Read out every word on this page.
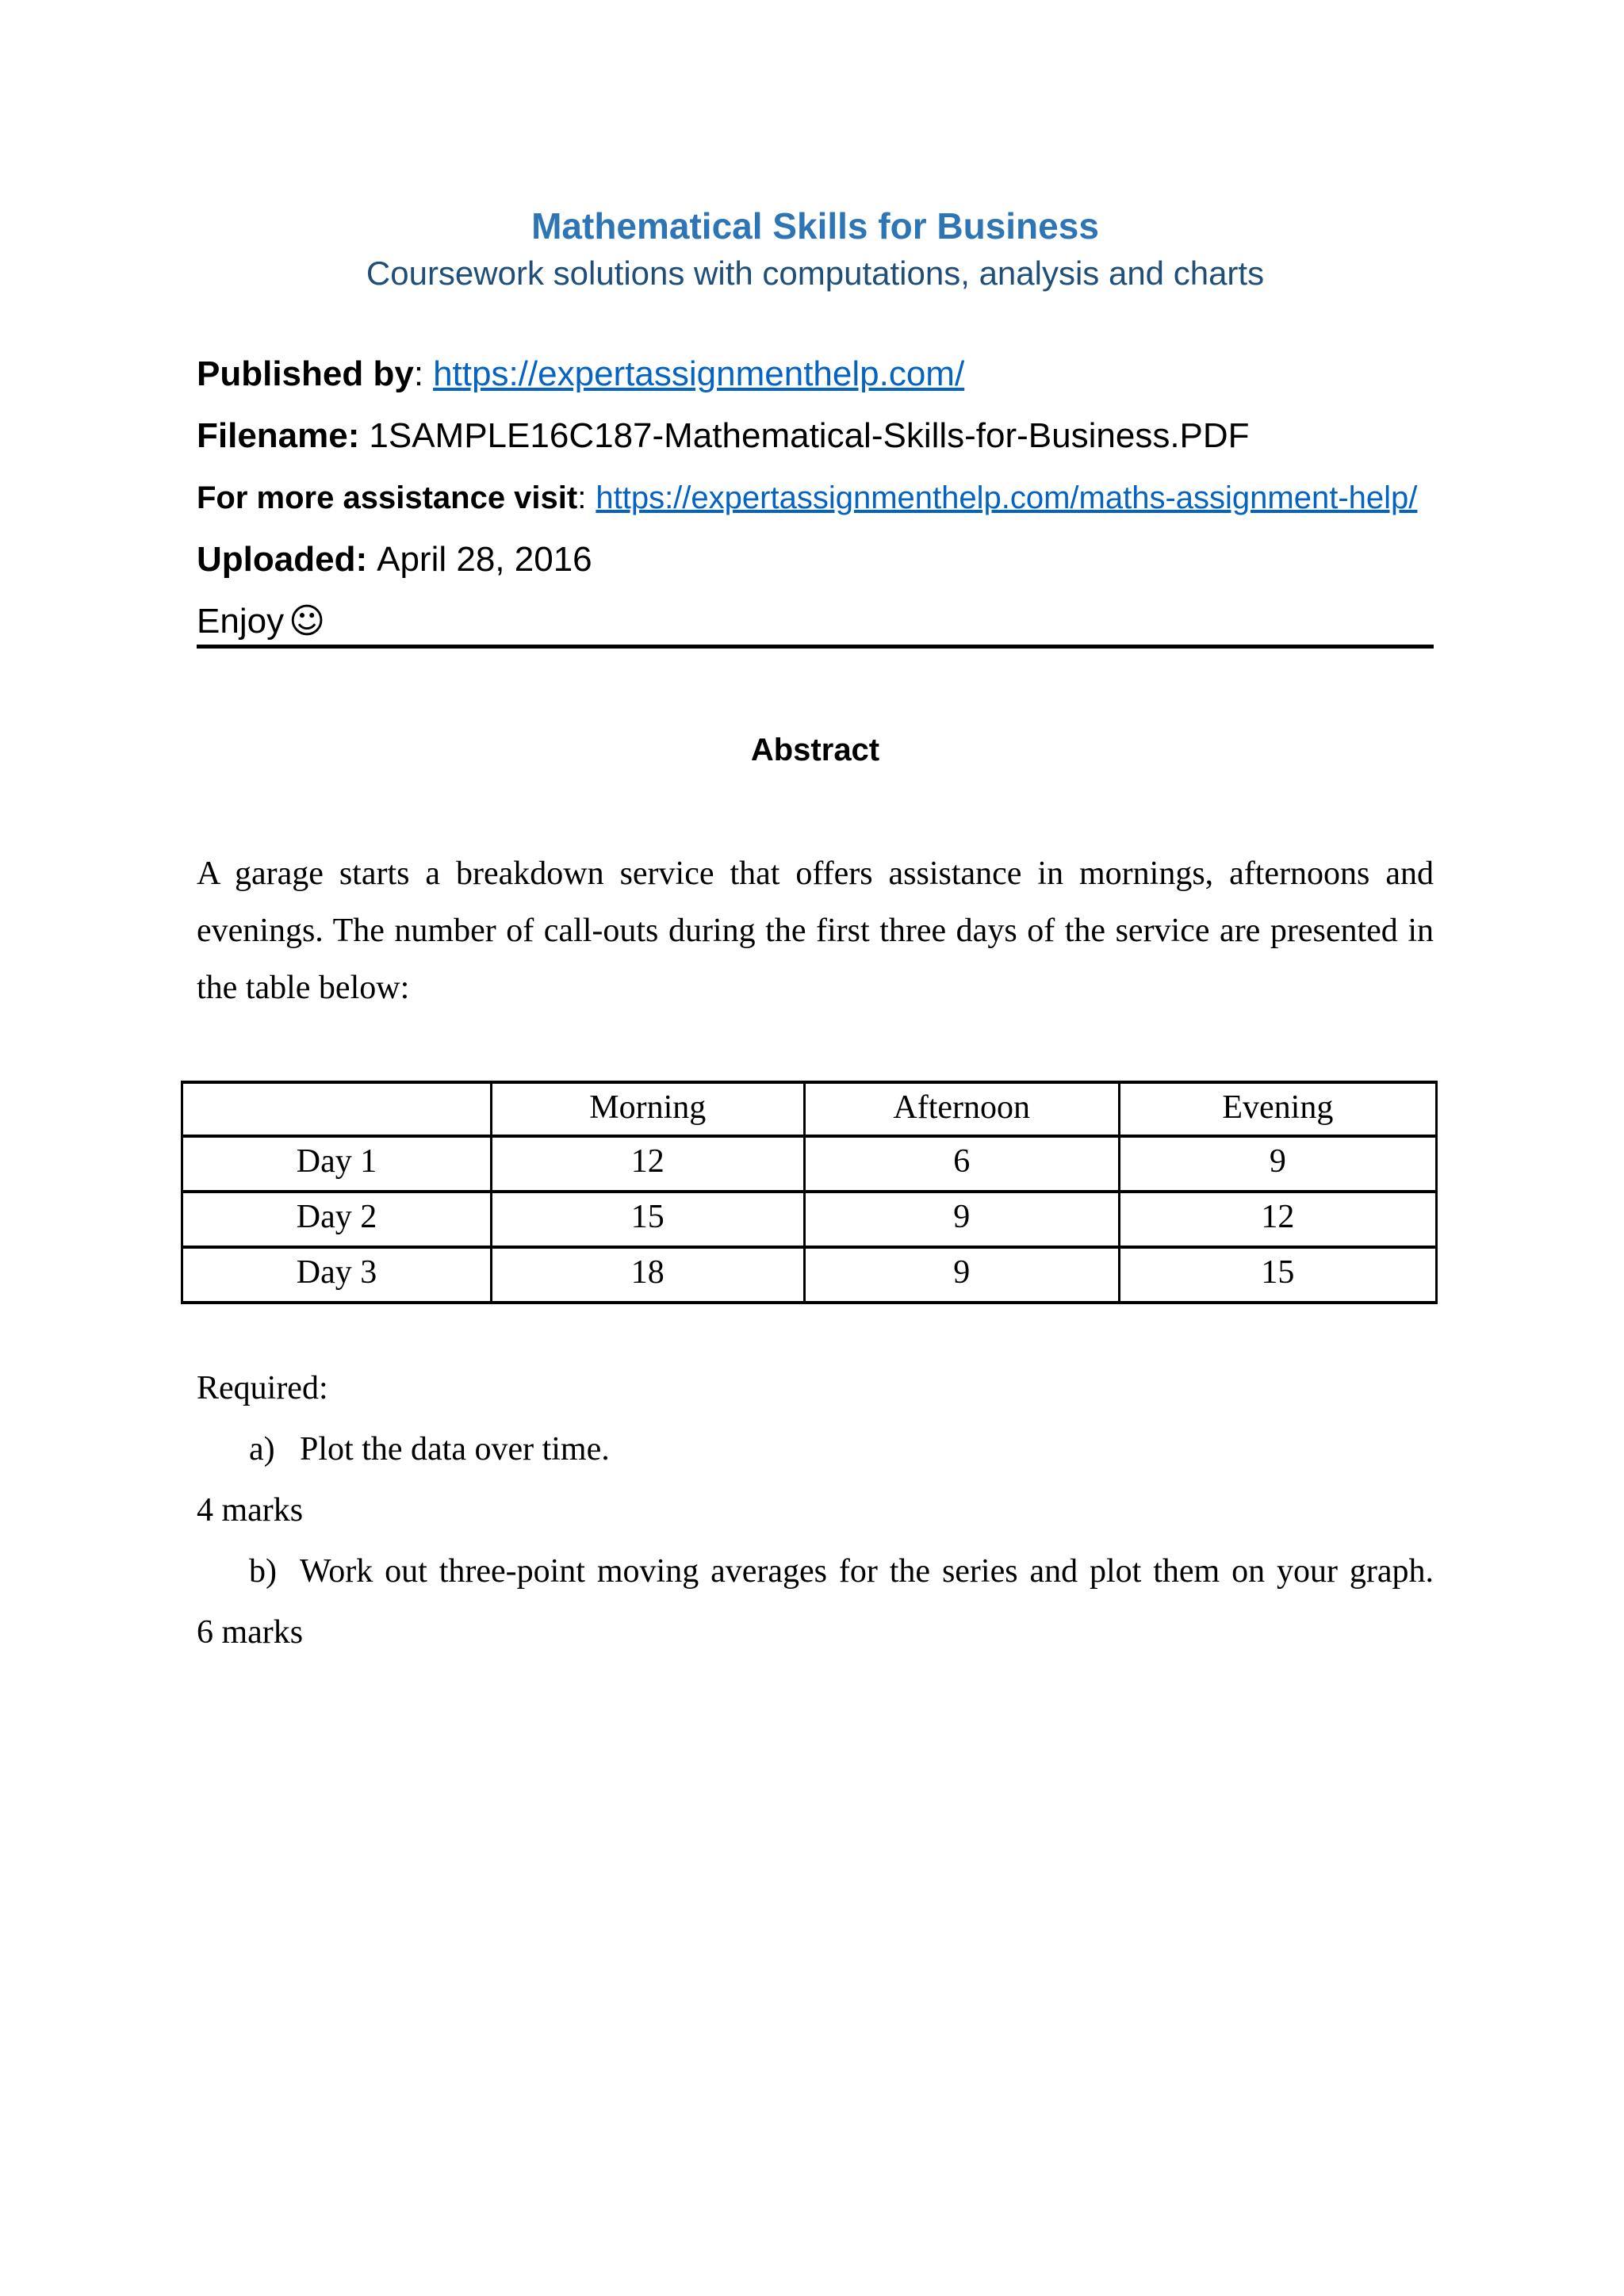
Mathematical Skills for Business
Coursework solutions with computations, analysis and charts
Published by: https://expertassignmenthelp.com/
Filename: 1SAMPLE16C187-Mathematical-Skills-for-Business.PDF
For more assistance visit: https://expertassignmenthelp.com/maths-assignment-help/
Uploaded: April 28, 2016
Enjoy ☺
Abstract
A garage starts a breakdown service that offers assistance in mornings, afternoons and
evenings. The number of call-outs during the first three days of the service are presented in
the table below:
	Morning	Afternoon	Evening
Day 1	12	6	9
Day 2	15	9	12
Day 3	18	9	15
Required:
a) Plot the data over time.
4 marks
b) Work out three-point moving averages for the series and plot them on your graph.
6 marks
